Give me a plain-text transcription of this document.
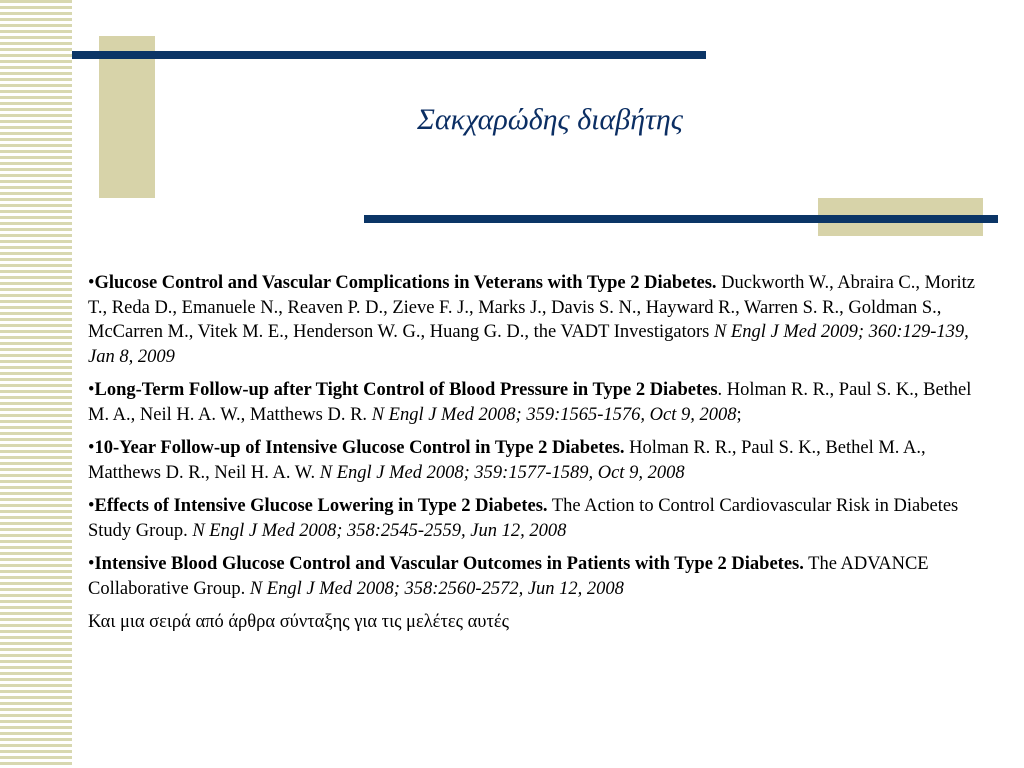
Σακχαρώδης διαβήτης

•Glucose Control and Vascular Complications in Veterans with Type 2 Diabetes. Duckworth W., Abraira C., Moritz T., Reda D., Emanuele N., Reaven P. D., Zieve F. J., Marks J., Davis S. N., Hayward R., Warren S. R., Goldman S., McCarren M., Vitek M. E., Henderson W. G., Huang G. D., the VADT Investigators N Engl J Med 2009; 360:129-139, Jan 8, 2009

•Long-Term Follow-up after Tight Control of Blood Pressure in Type 2 Diabetes. Holman R. R., Paul S. K., Bethel M. A., Neil H. A. W., Matthews D. R. N Engl J Med 2008; 359:1565-1576, Oct 9, 2008;

•10-Year Follow-up of Intensive Glucose Control in Type 2 Diabetes. Holman R. R., Paul S. K., Bethel M. A., Matthews D. R., Neil H. A. W. N Engl J Med 2008; 359:1577-1589, Oct 9, 2008

•Effects of Intensive Glucose Lowering in Type 2 Diabetes. The Action to Control Cardiovascular Risk in Diabetes Study Group. N Engl J Med 2008; 358:2545-2559, Jun 12, 2008

•Intensive Blood Glucose Control and Vascular Outcomes in Patients with Type 2 Diabetes. The ADVANCE Collaborative Group. N Engl J Med 2008; 358:2560-2572, Jun 12, 2008

Και μια σειρά από άρθρα σύνταξης για τις μελέτες αυτές
